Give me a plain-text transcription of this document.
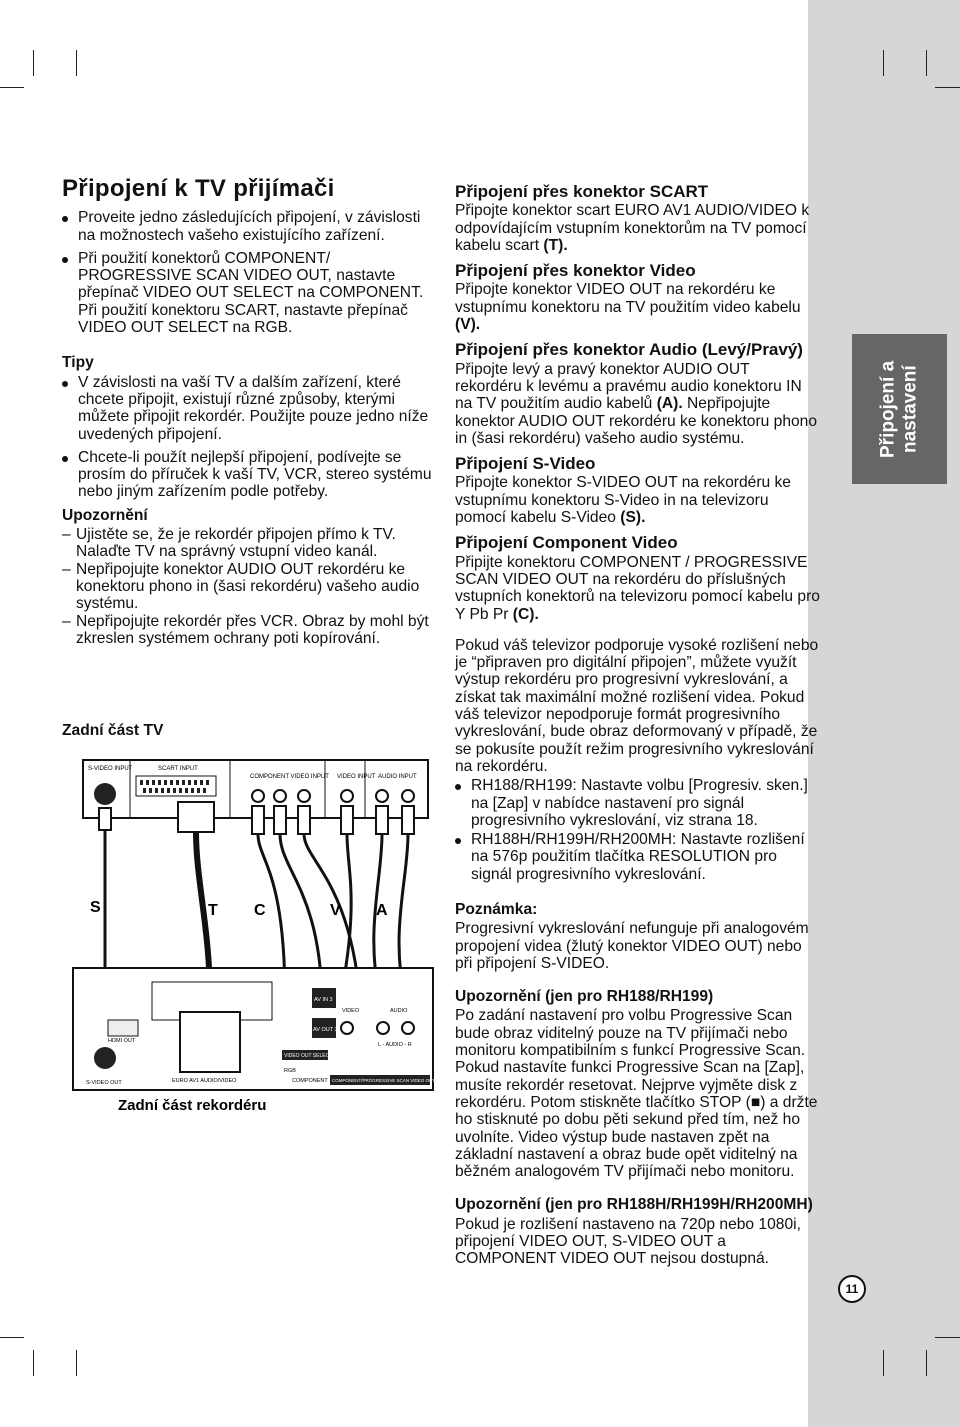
Připojení a nastavení
Připojení k TV přijímači
Proveite jedno zásledujících připojení, v závislosti na možnostech vašeho existujícího zařízení.
Při použití konektorů COMPONENT/ PROGRESSIVE SCAN VIDEO OUT, nastavte přepínač VIDEO OUT SELECT na COMPONENT. Při použití konektoru SCART, nastavte přepínač VIDEO OUT SELECT na RGB.
Tipy
V závislosti na vaší TV a dalším zařízení, které chcete připojit, existují různé způsoby, kterými můžete připojit rekordér. Použijte pouze jedno níže uvedených připojení.
Chcete-li použít nejlepší připojení, podívejte se prosím do příruček k vaší TV, VCR, stereo systému nebo jiným zařízením podle potřeby.
Upozornění
– Ujistěte se, že je rekordér připojen přímo k TV. Nalaďte TV na správný vstupní video kanál.
– Nepřipojujte konektor AUDIO OUT rekordéru ke konektoru phono in (šasi rekordéru) vašeho audio systému.
– Nepřipojujte rekordér přes VCR. Obraz by mohl být zkreslen systémem ochrany poti kopírování.
Zadní část TV
S-VIDEO INPUT	SCART INPUT
COMPONENT VIDEO INPUT VIDEO INPUT AUDIO INPUT
S	T C	V A
HDMI OUT
S-VIDEO OUT	EURO AV1 AUDIO/VIDEO
AV IN 3
AV OUT 3
VIDEO	AUDIO
L - AUDIO - R
VIDEO OUT SELECT
RGB
COMPONENT COMPONENT/PROGRESSIVE SCAN VIDEO OUT
Zadní část rekordéru
Připojení přes konektor SCART

Připojte konektor scart EURO AV1 AUDIO/VIDEO k odpovídajícím vstupním konektorům na TV pomocí kabelu scart (T).

Připojení přes konektor Video

Připojte konektor VIDEO OUT na rekordéru ke vstupnímu konektoru na TV použitím video kabelu (V).

Připojení přes konektor Audio (Levý/Pravý)

Připojte levý a pravý konektor AUDIO OUT rekordéru k levému a pravému audio konektoru IN na TV použitím audio kabelů (A). Nepřipojujte konektor AUDIO OUT rekordéru ke konektoru phono in (šasi rekordéru) vašeho audio systému.

Připojení S-Video

Připojte konektor S-VIDEO OUT na rekordéru ke vstupnímu konektoru S-Video in na televizoru pomocí kabelu S-Video (S).

Připojení Component Video

Připijte konektoru COMPONENT / PROGRESSIVE SCAN VIDEO OUT na rekordéru do příslušných vstupních konektorů na televizoru pomocí kabelu pro Y Pb Pr (C).

Pokud váš televizor podporuje vysoké rozlišení nebo je “připraven pro digitální připojen”, můžete využít výstup rekordéru pro progresivní vykreslování, a získat tak maximální možné rozlišení videa. Pokud váš televizor nepodporuje formát progresivního vykreslování, bude obraz deformovaný v případě, že se pokusíte použít režim progresivního vykreslování na rekordéru.

RH188/RH199: Nastavte volbu [Progresiv. sken.] na [Zap] v nabídce nastavení pro signál progresivního vykreslování, viz strana 18.
RH188H/RH199H/RH200MH: Nastavte rozlišení na 576p použitím tlačítka RESOLUTION pro signál progresivního vykreslování.
Poznámka:

Progresivní vykreslování nefunguje při analogovém propojení videa (žlutý konektor VIDEO OUT) nebo při připojení S-VIDEO.

Upozornění (jen pro RH188/RH199)

Po zadání nastavení pro volbu Progressive Scan bude obraz viditelný pouze na TV přijímači nebo monitoru kompatibilním s funkcí Progressive Scan. Pokud nastavíte funkci Progressive Scan na [Zap], musíte rekordér resetovat. Nejprve vyjměte disk z rekordéru. Potom stiskněte tlačítko STOP (■) a držte ho stisknuté po dobu pěti sekund před tím, než ho uvolníte. Video výstup bude nastaven zpět na základní nastavení a obraz bude opět viditelný na běžném analogovém TV přijímači nebo monitoru.

Upozornění (jen pro RH188H/RH199H/RH200MH)

Pokud je rozlišení nastaveno na 720p nebo 1080i, připojení VIDEO OUT, S-VIDEO OUT a COMPONENT VIDEO OUT nejsou dostupná.

11
